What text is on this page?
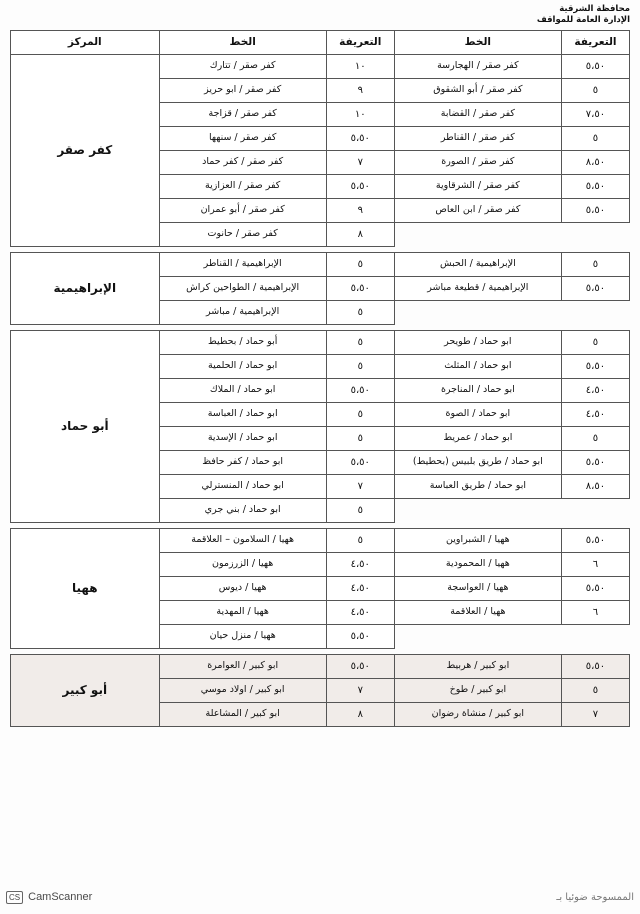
محافظة الشرقية
الإدارة العامة للمواقف
التعريفة	الخط	التعريفة	الخط	المركز
٥،٥٠	كفر صقر / الهجارسة	١٠	كفر صقر / تتارك	كفر صقر
٥	كفر صقر / أبو الشقوق	٩	كفر صقر / ابو حريز	
٧،٥٠	كفر صقر / القضابة	١٠	كفر صقر / قزاجة	
٥	كفر صقر / القناطر	٥،٥٠	كفر صقر / سنهها	
٨،٥٠	كفر صقر / الصورة	٧	كفر صقر / كفر حماد	
٥،٥٠	كفر صقر / الشرقاوية	٥،٥٠	كفر صقر / العزازية	
٥،٥٠	كفر صقر / ابن العاص	٩	كفر صقر / أبو عمران	
		٨	كفر صقر / حانوت	

٥	الإبراهيمية / الحبش	٥	الإبراهيمية / القناطر	الإبراهيمية
٥،٥٠	الإبراهيمية / قطيعة مباشر	٥،٥٠	الإبراهيمية / الطواحين كراش	
		٥	الإبراهيمية / مباشر	

٥	ابو حماد / طويحر	٥	أبو حماد / بحطيط	أبو حماد
٥،٥٠	ابو حماد / المثلث	٥	ابو حماد / الحلمية	
٤،٥٠	ابو حماد / المناجرة	٥،٥٠	ابو حماد / الملاك	
٤،٥٠	ابو حماد / الصوة	٥	ابو حماد / العباسة	
٥	ابو حماد / عمريط	٥	ابو حماد / الإسدية	
٥،٥٠	ابو حماد / طريق بلبيس (بحطيط)	٥،٥٠	ابو حماد / كفر حافظ	
٨،٥٠	ابو حماد / طريق العباسة	٧	ابو حماد / المنسترلي	
		٥	ابو حماد / بني جري	

٥،٥٠	ههيا / الشبراوين	٥	ههيا / السلامون – العلاقمة	ههيا
٦	ههيا / المحمودية	٤،٥٠	ههيا / الزرزمون	
٥،٥٠	ههيا / العواسجة	٤،٥٠	ههيا / ديوس	
٦	ههيا / العلاقمة	٤،٥٠	ههيا / المهدية	
		٥،٥٠	ههيا / منزل حيان	

٥،٥٠	ابو كبير / هربيط	٥،٥٠	ابو كبير / العوامرة	أبو كبير
٥	ابو كبير / طوخ	٧	ابو كبير / اولاد موسي	
٧	ابو كبير / منشاة رضوان	٨	ابو كبير / المشاعلة	
CS CamScanner	الممسوحة ضوئيا بـ
